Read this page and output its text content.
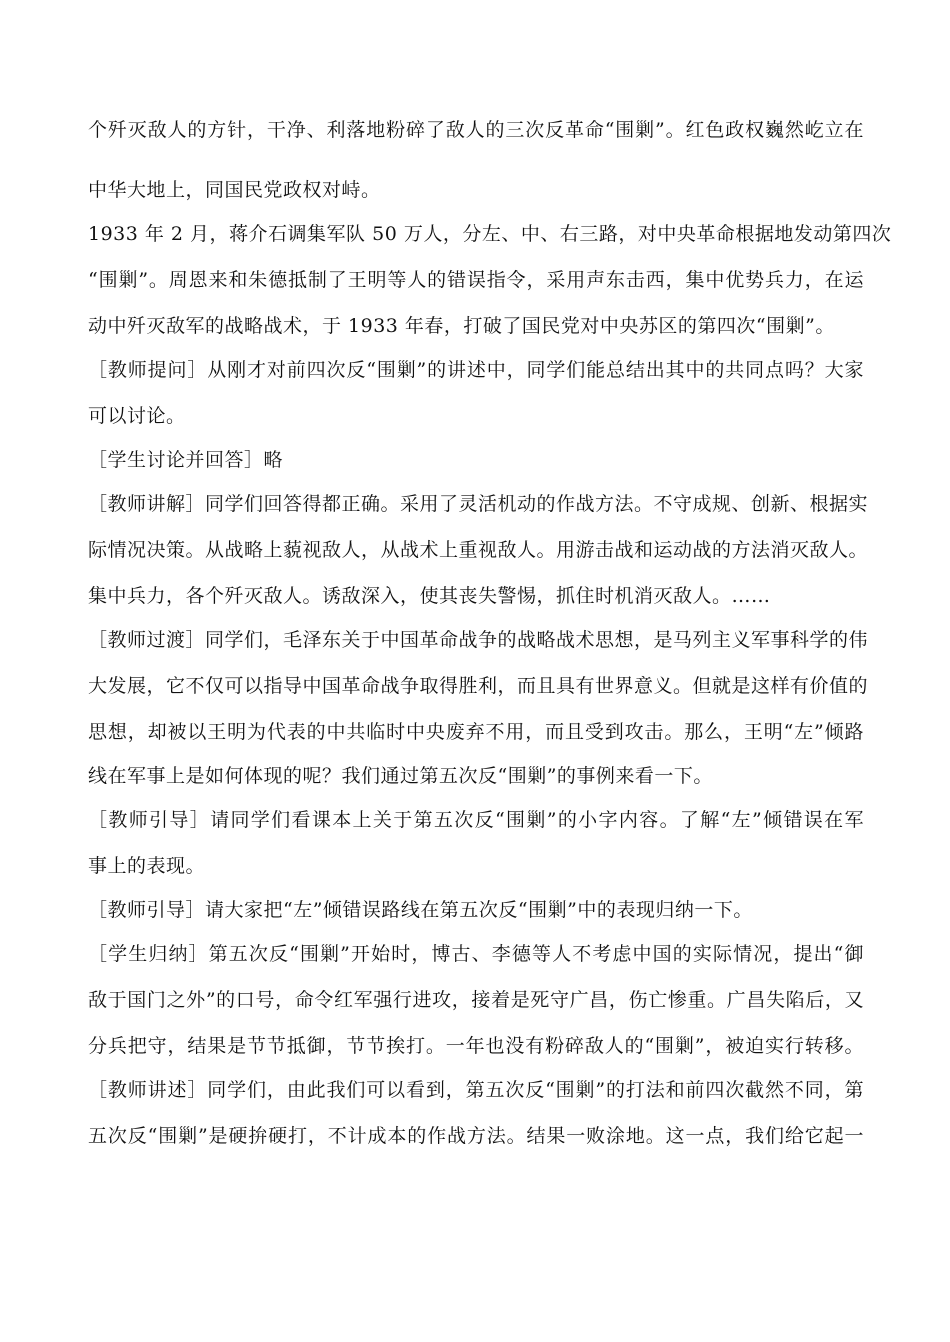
个歼灭敌人的方针，干净、利落地粉碎了敌人的三次反革命“围剿”。红色政权巍然屹立在
中华大地上，同国民党政权对峙。
1933 年 2 月，蒋介石调集军队 50 万人，分左、中、右三路，对中央革命根据地发动第四次
“围剿”。周恩来和朱德抵制了王明等人的错误指令，采用声东击西，集中优势兵力，在运
动中歼灭敌军的战略战术，于 1933 年春，打破了国民党对中央苏区的第四次“围剿”。
［教师提问］从刚才对前四次反“围剿”的讲述中，同学们能总结出其中的共同点吗？大家
可以讨论。
［学生讨论并回答］略
［教师讲解］同学们回答得都正确。采用了灵活机动的作战方法。不守成规、创新、根据实
际情况决策。从战略上藐视敌人，从战术上重视敌人。用游击战和运动战的方法消灭敌人。
集中兵力，各个歼灭敌人。诱敌深入，使其丧失警惕，抓住时机消灭敌人。……
［教师过渡］同学们，毛泽东关于中国革命战争的战略战术思想，是马列主义军事科学的伟
大发展，它不仅可以指导中国革命战争取得胜利，而且具有世界意义。但就是这样有价值的
思想，却被以王明为代表的中共临时中央废弃不用，而且受到攻击。那么，王明“左”倾路
线在军事上是如何体现的呢？我们通过第五次反“围剿”的事例来看一下。
［教师引导］请同学们看课本上关于第五次反“围剿”的小字内容。了解“左”倾错误在军
事上的表现。
［教师引导］请大家把“左”倾错误路线在第五次反“围剿”中的表现归纳一下。
［学生归纳］第五次反“围剿”开始时，博古、李德等人不考虑中国的实际情况，提出“御
敌于国门之外”的口号，命令红军强行进攻，接着是死守广昌，伤亡惨重。广昌失陷后，又
分兵把守，结果是节节抵御，节节挨打。一年也没有粉碎敌人的“围剿”，被迫实行转移。
［教师讲述］同学们，由此我们可以看到，第五次反“围剿”的打法和前四次截然不同，第
五次反“围剿”是硬拚硬打，不计成本的作战方法。结果一败涂地。这一点，我们给它起一
